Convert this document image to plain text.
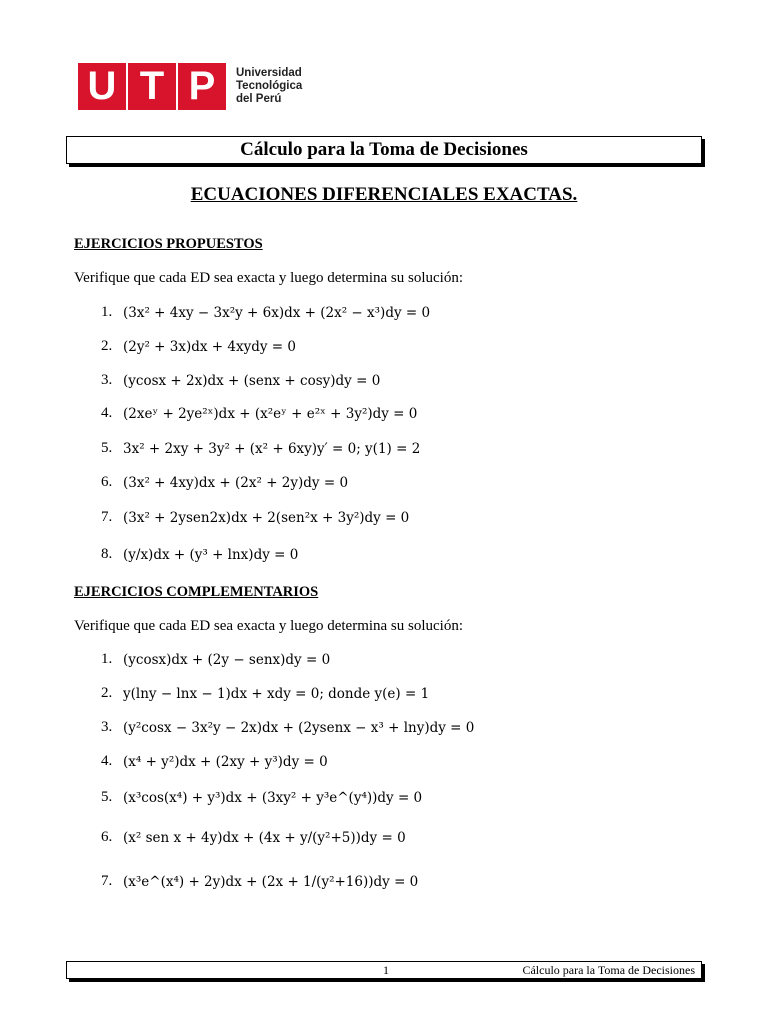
U T P	Universidad
Tecnológica
del Perú
Cálculo para la Toma de Decisiones
ECUACIONES DIFERENCIALES EXACTAS.
EJERCICIOS PROPUESTOS
Verifique que cada ED sea exacta y luego determina su solución:
1. (3x² + 4xy − 3x²y + 6x)dx + (2x² − x³)dy = 0
2. (2y² + 3x)dx + 4xydy = 0
3. (ycosx + 2x)dx + (senx + cosy)dy = 0
4. (2xeʸ + 2ye²ˣ)dx + (x²eʸ + e²ˣ + 3y²)dy = 0
5. 3x² + 2xy + 3y² + (x² + 6xy)y′ = 0; y(1) = 2
6. (3x² + 4xy)dx + (2x² + 2y)dy = 0
7. (3x² + 2ysen2x)dx + 2(sen²x + 3y²)dy = 0
8. (y/x)dx + (y³ + lnx)dy = 0
EJERCICIOS COMPLEMENTARIOS
Verifique que cada ED sea exacta y luego determina su solución:
1. (ycosx)dx + (2y − senx)dy = 0
2. y(lny − lnx − 1)dx + xdy = 0; donde y(e) = 1
3. (y²cosx − 3x²y − 2x)dx + (2ysenx − x³ + lny)dy = 0
4. (x⁴ + y²)dx + (2xy + y³)dy = 0
5. (x³cos(x⁴) + y³)dx + (3xy² + y³e^(y⁴))dy = 0
6. (x² sen x + 4y)dx + (4x + y/(y²+5))dy = 0
7. (x³e^(x⁴) + 2y)dx + (2x + 1/(y²+16))dy = 0
1	Cálculo para la Toma de Decisiones
